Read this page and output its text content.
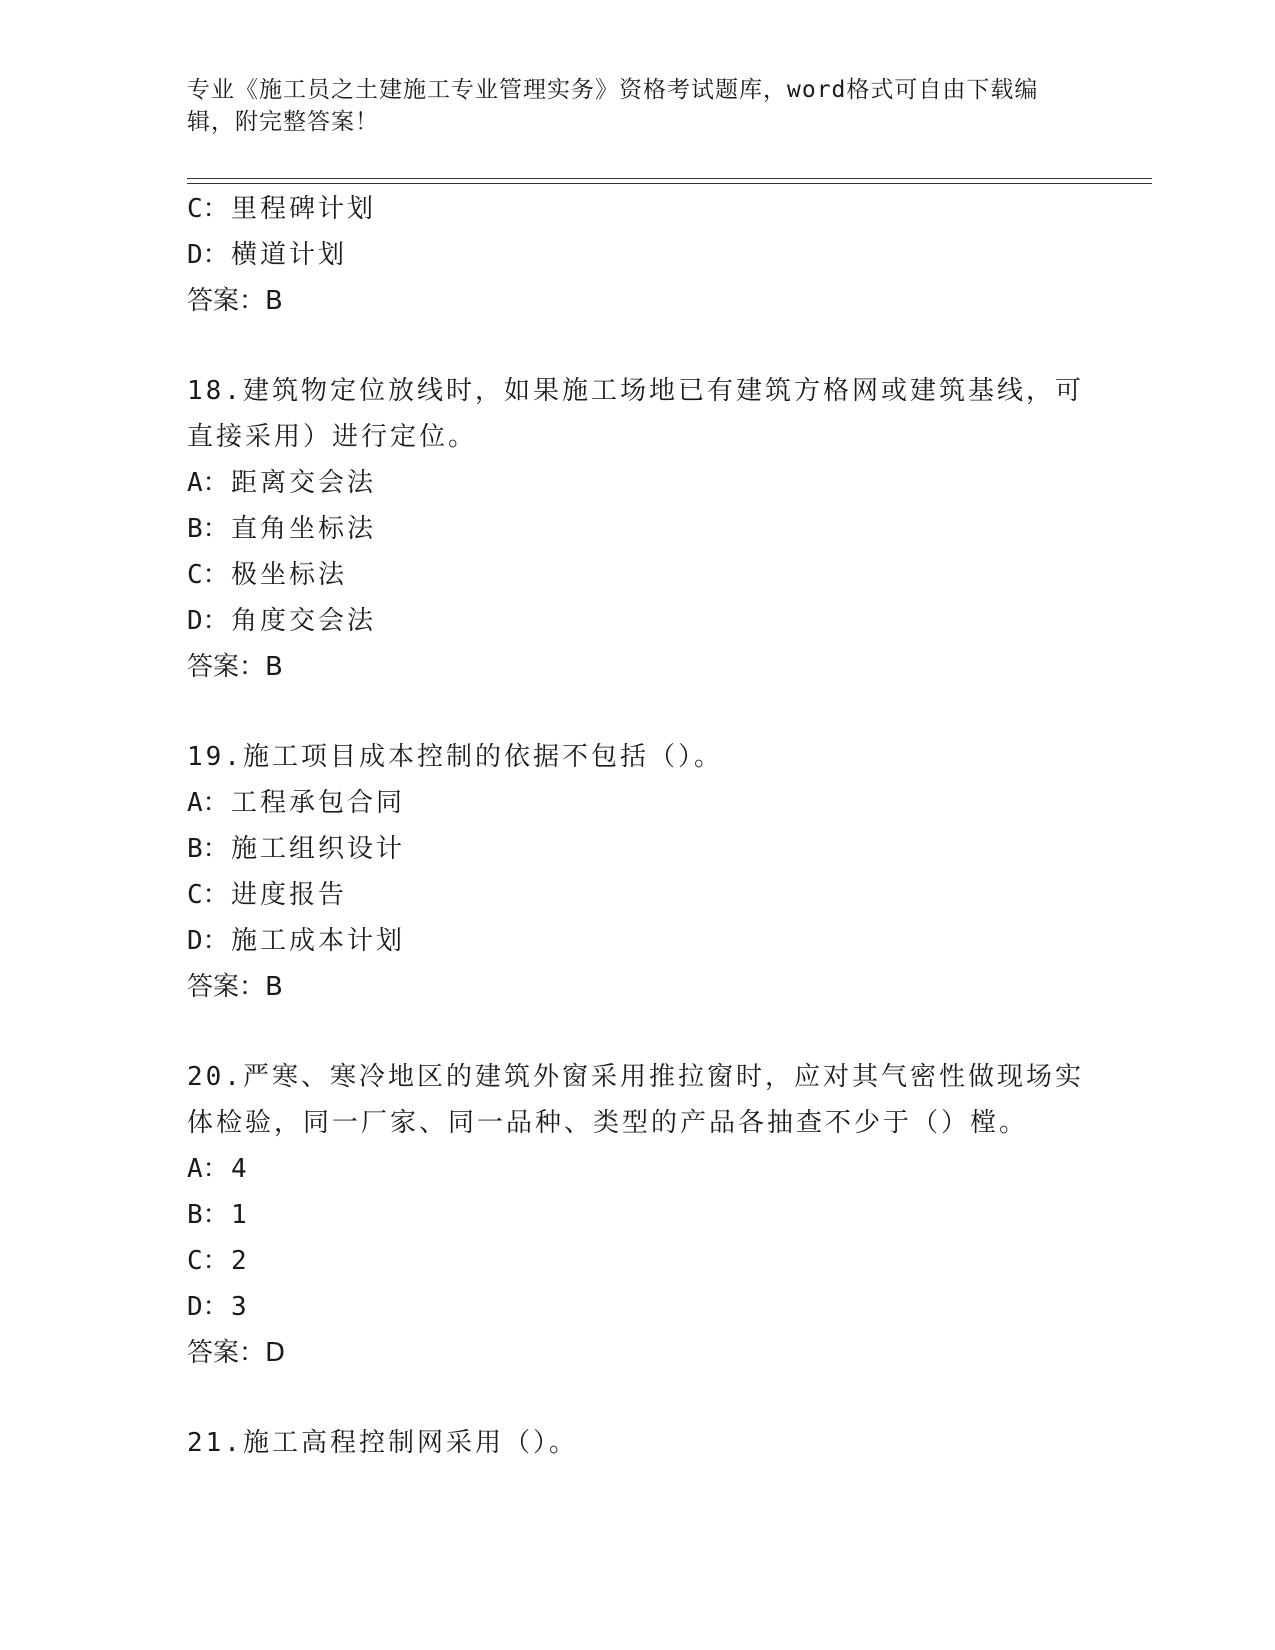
专业《施工员之土建施工专业管理实务》资格考试题库，word格式可自由下载编
辑，附完整答案！
C：里程碑计划
D：横道计划
答案：B
18.建筑物定位放线时，如果施工场地已有建筑方格网或建筑基线，可
直接采用）进行定位。
A：距离交会法
B：直角坐标法
C：极坐标法
D：角度交会法
答案：B
19.施工项目成本控制的依据不包括（）。
A：工程承包合同
B：施工组织设计
C：进度报告
D：施工成本计划
答案：B
20.严寒、寒冷地区的建筑外窗采用推拉窗时，应对其气密性做现场实
体检验，同一厂家、同一品种、类型的产品各抽查不少于（）樘。
A：4
B：1
C：2
D：3
答案：D
21.施工高程控制网采用（）。
